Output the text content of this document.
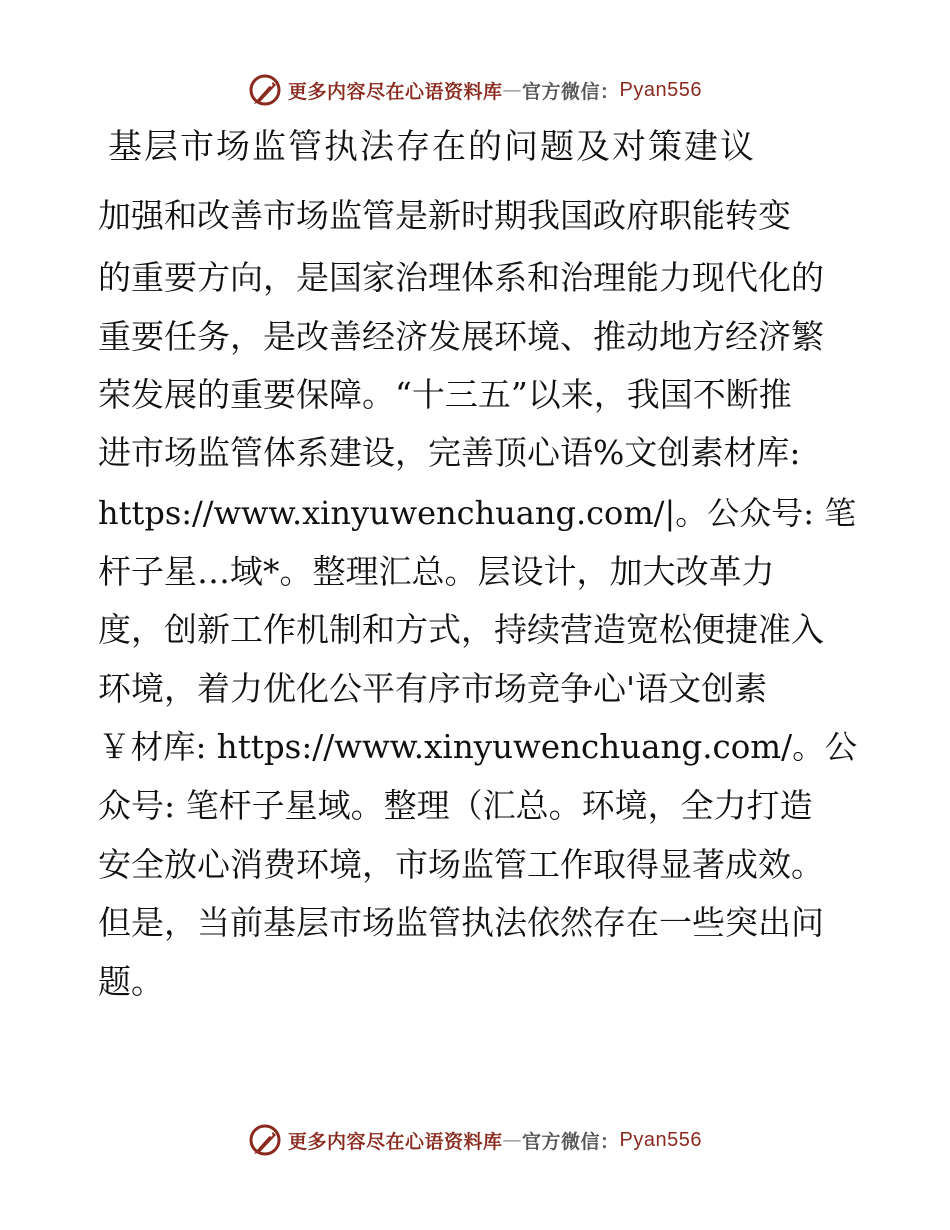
更多内容尽在心语资料库 — 官方微信： Pyan556
基层市场监管执法存在的问题及对策建议
加强和改善市场监管是新时期我国政府职能转变
的重要方向，是国家治理体系和治理能力现代化的
重要任务，是改善经济发展环境、推动地方经济繁
荣发展的重要保障。“十三五”以来，我国不断推
进市场监管体系建设，完善顶心语%文创素材库:
https://www.xinyuwenchuang.com/|。公众号: 笔
杆子星…域*。整理汇总。层设计，加大改革力
度，创新工作机制和方式，持续营造宽松便捷准入
环境，着力优化公平有序市场竞争心'语文创素
￥材库: https://www.xinyuwenchuang.com/。公
众号: 笔杆子星域。整理（汇总。环境，全力打造
安全放心消费环境，市场监管工作取得显著成效。
但是，当前基层市场监管执法依然存在一些突出问
题。
更多内容尽在心语资料库 — 官方微信： Pyan556
